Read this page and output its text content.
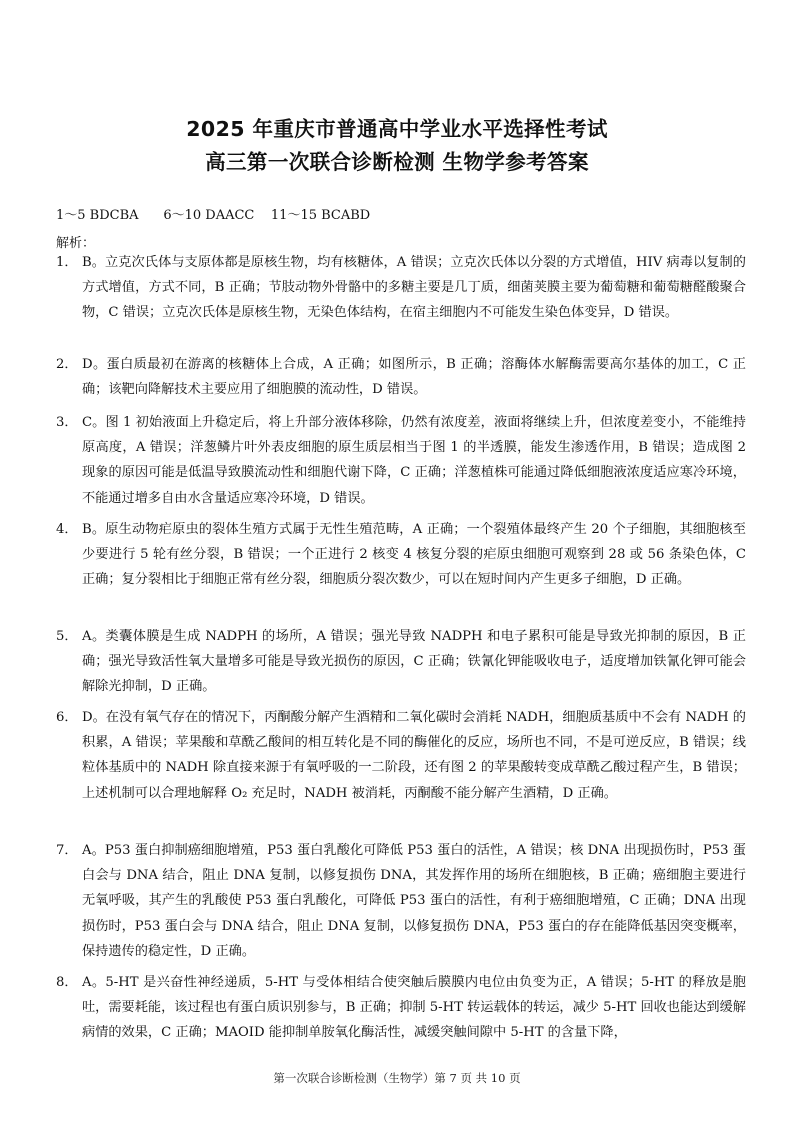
2025 年重庆市普通高中学业水平选择性考试
高三第一次联合诊断检测 生物学参考答案
1～5 BDCBA      6～10 DAACC    11～15 BCABD
解析：
1． B。立克次氏体与支原体都是原核生物，均有核糖体，A 错误；立克次氏体以分裂的方式增值，HIV 病毒以复制的方式增值，方式不同，B 正确；节肢动物外骨骼中的多糖主要是几丁质，细菌荚膜主要为葡萄糖和葡萄糖醛酸聚合物，C 错误；立克次氏体是原核生物，无染色体结构，在宿主细胞内不可能发生染色体变异，D 错误。
2． D。蛋白质最初在游离的核糖体上合成，A 正确；如图所示，B 正确；溶酶体水解酶需要高尔基体的加工，C 正确；该靶向降解技术主要应用了细胞膜的流动性，D 错误。
3． C。图 1 初始液面上升稳定后，将上升部分液体移除，仍然有浓度差，液面将继续上升，但浓度差变小，不能维持原高度，A 错误；洋葱鳞片叶外表皮细胞的原生质层相当于图 1 的半透膜，能发生渗透作用，B 错误；造成图 2 现象的原因可能是低温导致膜流动性和细胞代谢下降，C 正确；洋葱植株可能通过降低细胞液浓度适应寒冷环境，不能通过增多自由水含量适应寒冷环境，D 错误。
4． B。原生动物疟原虫的裂体生殖方式属于无性生殖范畴，A 正确；一个裂殖体最终产生 20 个子细胞，其细胞核至少要进行 5 轮有丝分裂，B 错误；一个正进行 2 核变 4 核复分裂的疟原虫细胞可观察到 28 或 56 条染色体，C 正确；复分裂相比于细胞正常有丝分裂，细胞质分裂次数少，可以在短时间内产生更多子细胞，D 正确。
5． A。类囊体膜是生成 NADPH 的场所，A 错误；强光导致 NADPH 和电子累积可能是导致光抑制的原因，B 正确；强光导致活性氧大量增多可能是导致光损伤的原因，C 正确；铁氰化钾能吸收电子，适度增加铁氰化钾可能会解除光抑制，D 正确。
6． D。在没有氧气存在的情况下，丙酮酸分解产生酒精和二氧化碳时会消耗 NADH，细胞质基质中不会有 NADH 的积累，A 错误；苹果酸和草酰乙酸间的相互转化是不同的酶催化的反应，场所也不同，不是可逆反应，B 错误；线粒体基质中的 NADH 除直接来源于有氧呼吸的一二阶段，还有图 2 的苹果酸转变成草酰乙酸过程产生，B 错误；上述机制可以合理地解释 O₂ 充足时，NADH 被消耗，丙酮酸不能分解产生酒精，D 正确。
7． A。P53 蛋白抑制癌细胞增殖，P53 蛋白乳酸化可降低 P53 蛋白的活性，A 错误；核 DNA 出现损伤时，P53 蛋白会与 DNA 结合，阻止 DNA 复制，以修复损伤 DNA，其发挥作用的场所在细胞核，B 正确；癌细胞主要进行无氧呼吸，其产生的乳酸使 P53 蛋白乳酸化，可降低 P53 蛋白的活性，有利于癌细胞增殖，C 正确；DNA 出现损伤时，P53 蛋白会与 DNA 结合，阻止 DNA 复制，以修复损伤 DNA，P53 蛋白的存在能降低基因突变概率，保持遗传的稳定性，D 正确。
8． A。5-HT 是兴奋性神经递质，5-HT 与受体相结合使突触后膜膜内电位由负变为正，A 错误；5-HT 的释放是胞吐，需要耗能，该过程也有蛋白质识别参与，B 正确；抑制 5-HT 转运载体的转运，减少 5-HT 回收也能达到缓解病情的效果，C 正确；MAOID 能抑制单胺氧化酶活性，减缓突触间隙中 5-HT 的含量下降，
第一次联合诊断检测（生物学）第 7 页 共 10 页
